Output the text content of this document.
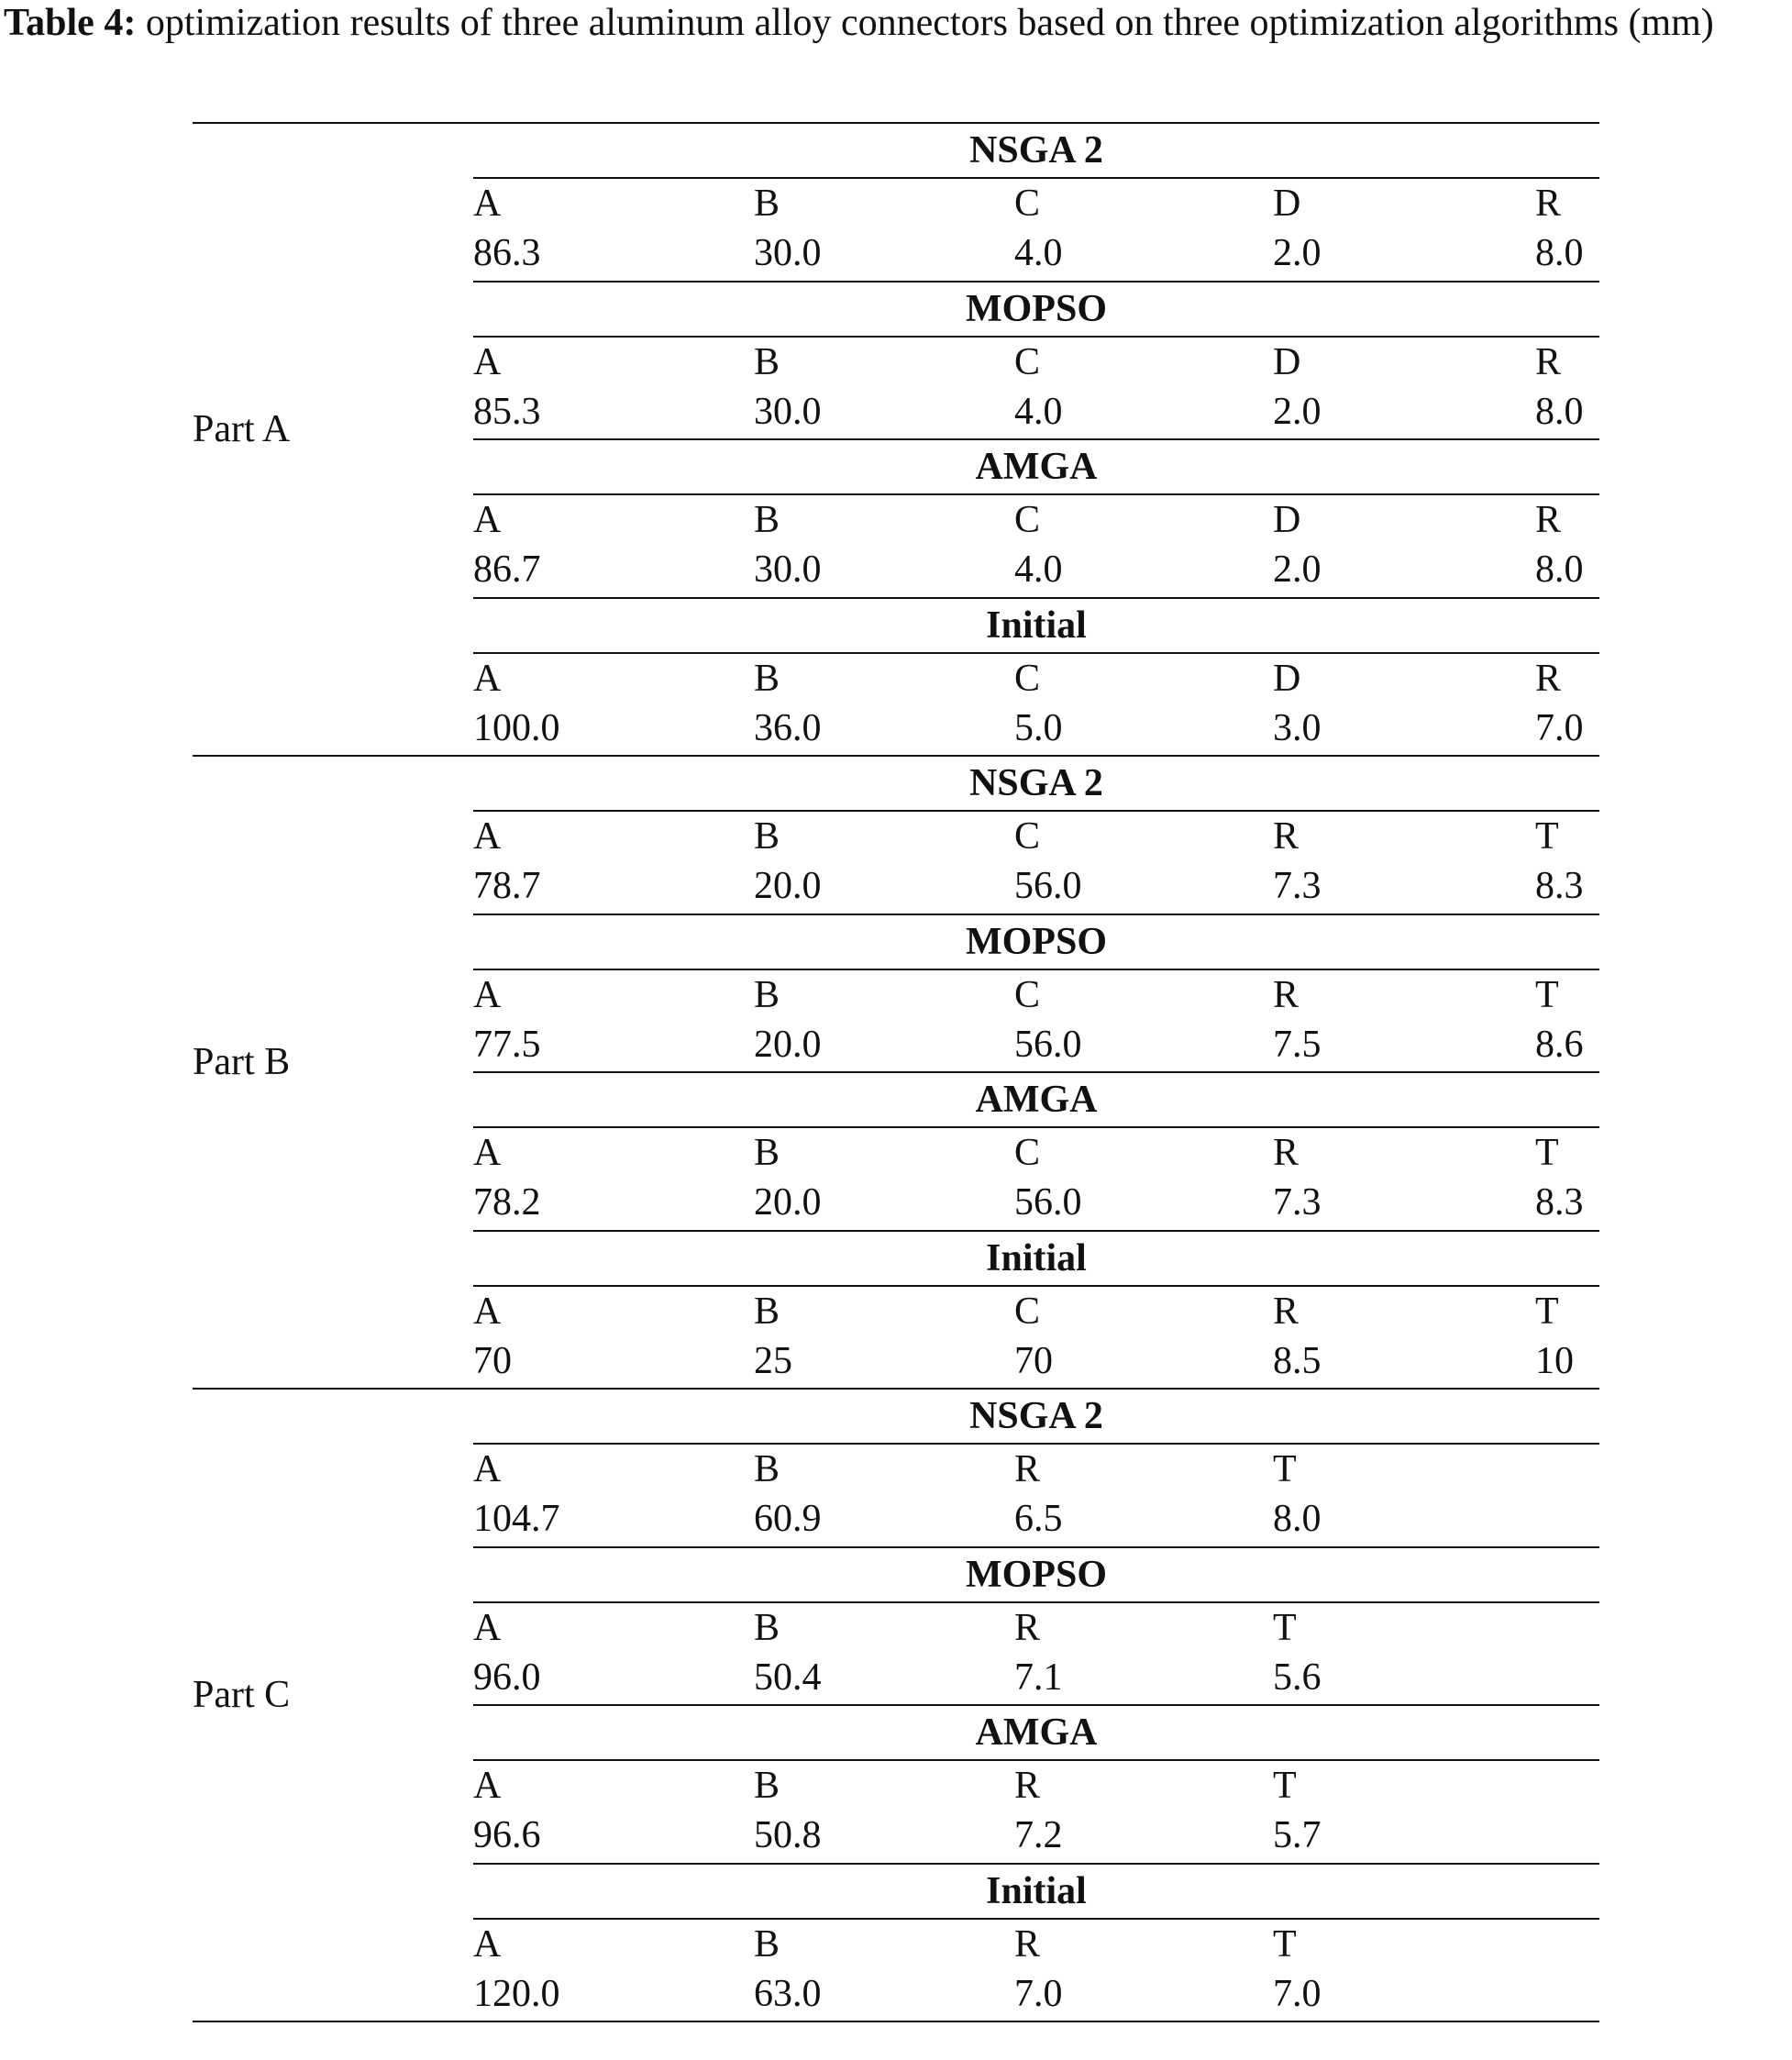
Table 4: optimization results of three aluminum alloy connectors based on three optimization algorithms (mm)
Part A
NSGA 2
A	B	C	D	R
86.3	30.0	4.0	2.0	8.0
MOPSO
A	B	C	D	R
85.3	30.0	4.0	2.0	8.0
AMGA
A	B	C	D	R
86.7	30.0	4.0	2.0	8.0
Initial
A	B	C	D	R
100.0	36.0	5.0	3.0	7.0
Part B
NSGA 2
A	B	C	R	T
78.7	20.0	56.0	7.3	8.3
MOPSO
A	B	C	R	T
77.5	20.0	56.0	7.5	8.6
AMGA
A	B	C	R	T
78.2	20.0	56.0	7.3	8.3
Initial
A	B	C	R	T
70	25	70	8.5	10
Part C
NSGA 2
A	B	R	T
104.7	60.9	6.5	8.0
MOPSO
A	B	R	T
96.0	50.4	7.1	5.6
AMGA
A	B	R	T
96.6	50.8	7.2	5.7
Initial
A	B	R	T
120.0	63.0	7.0	7.0
